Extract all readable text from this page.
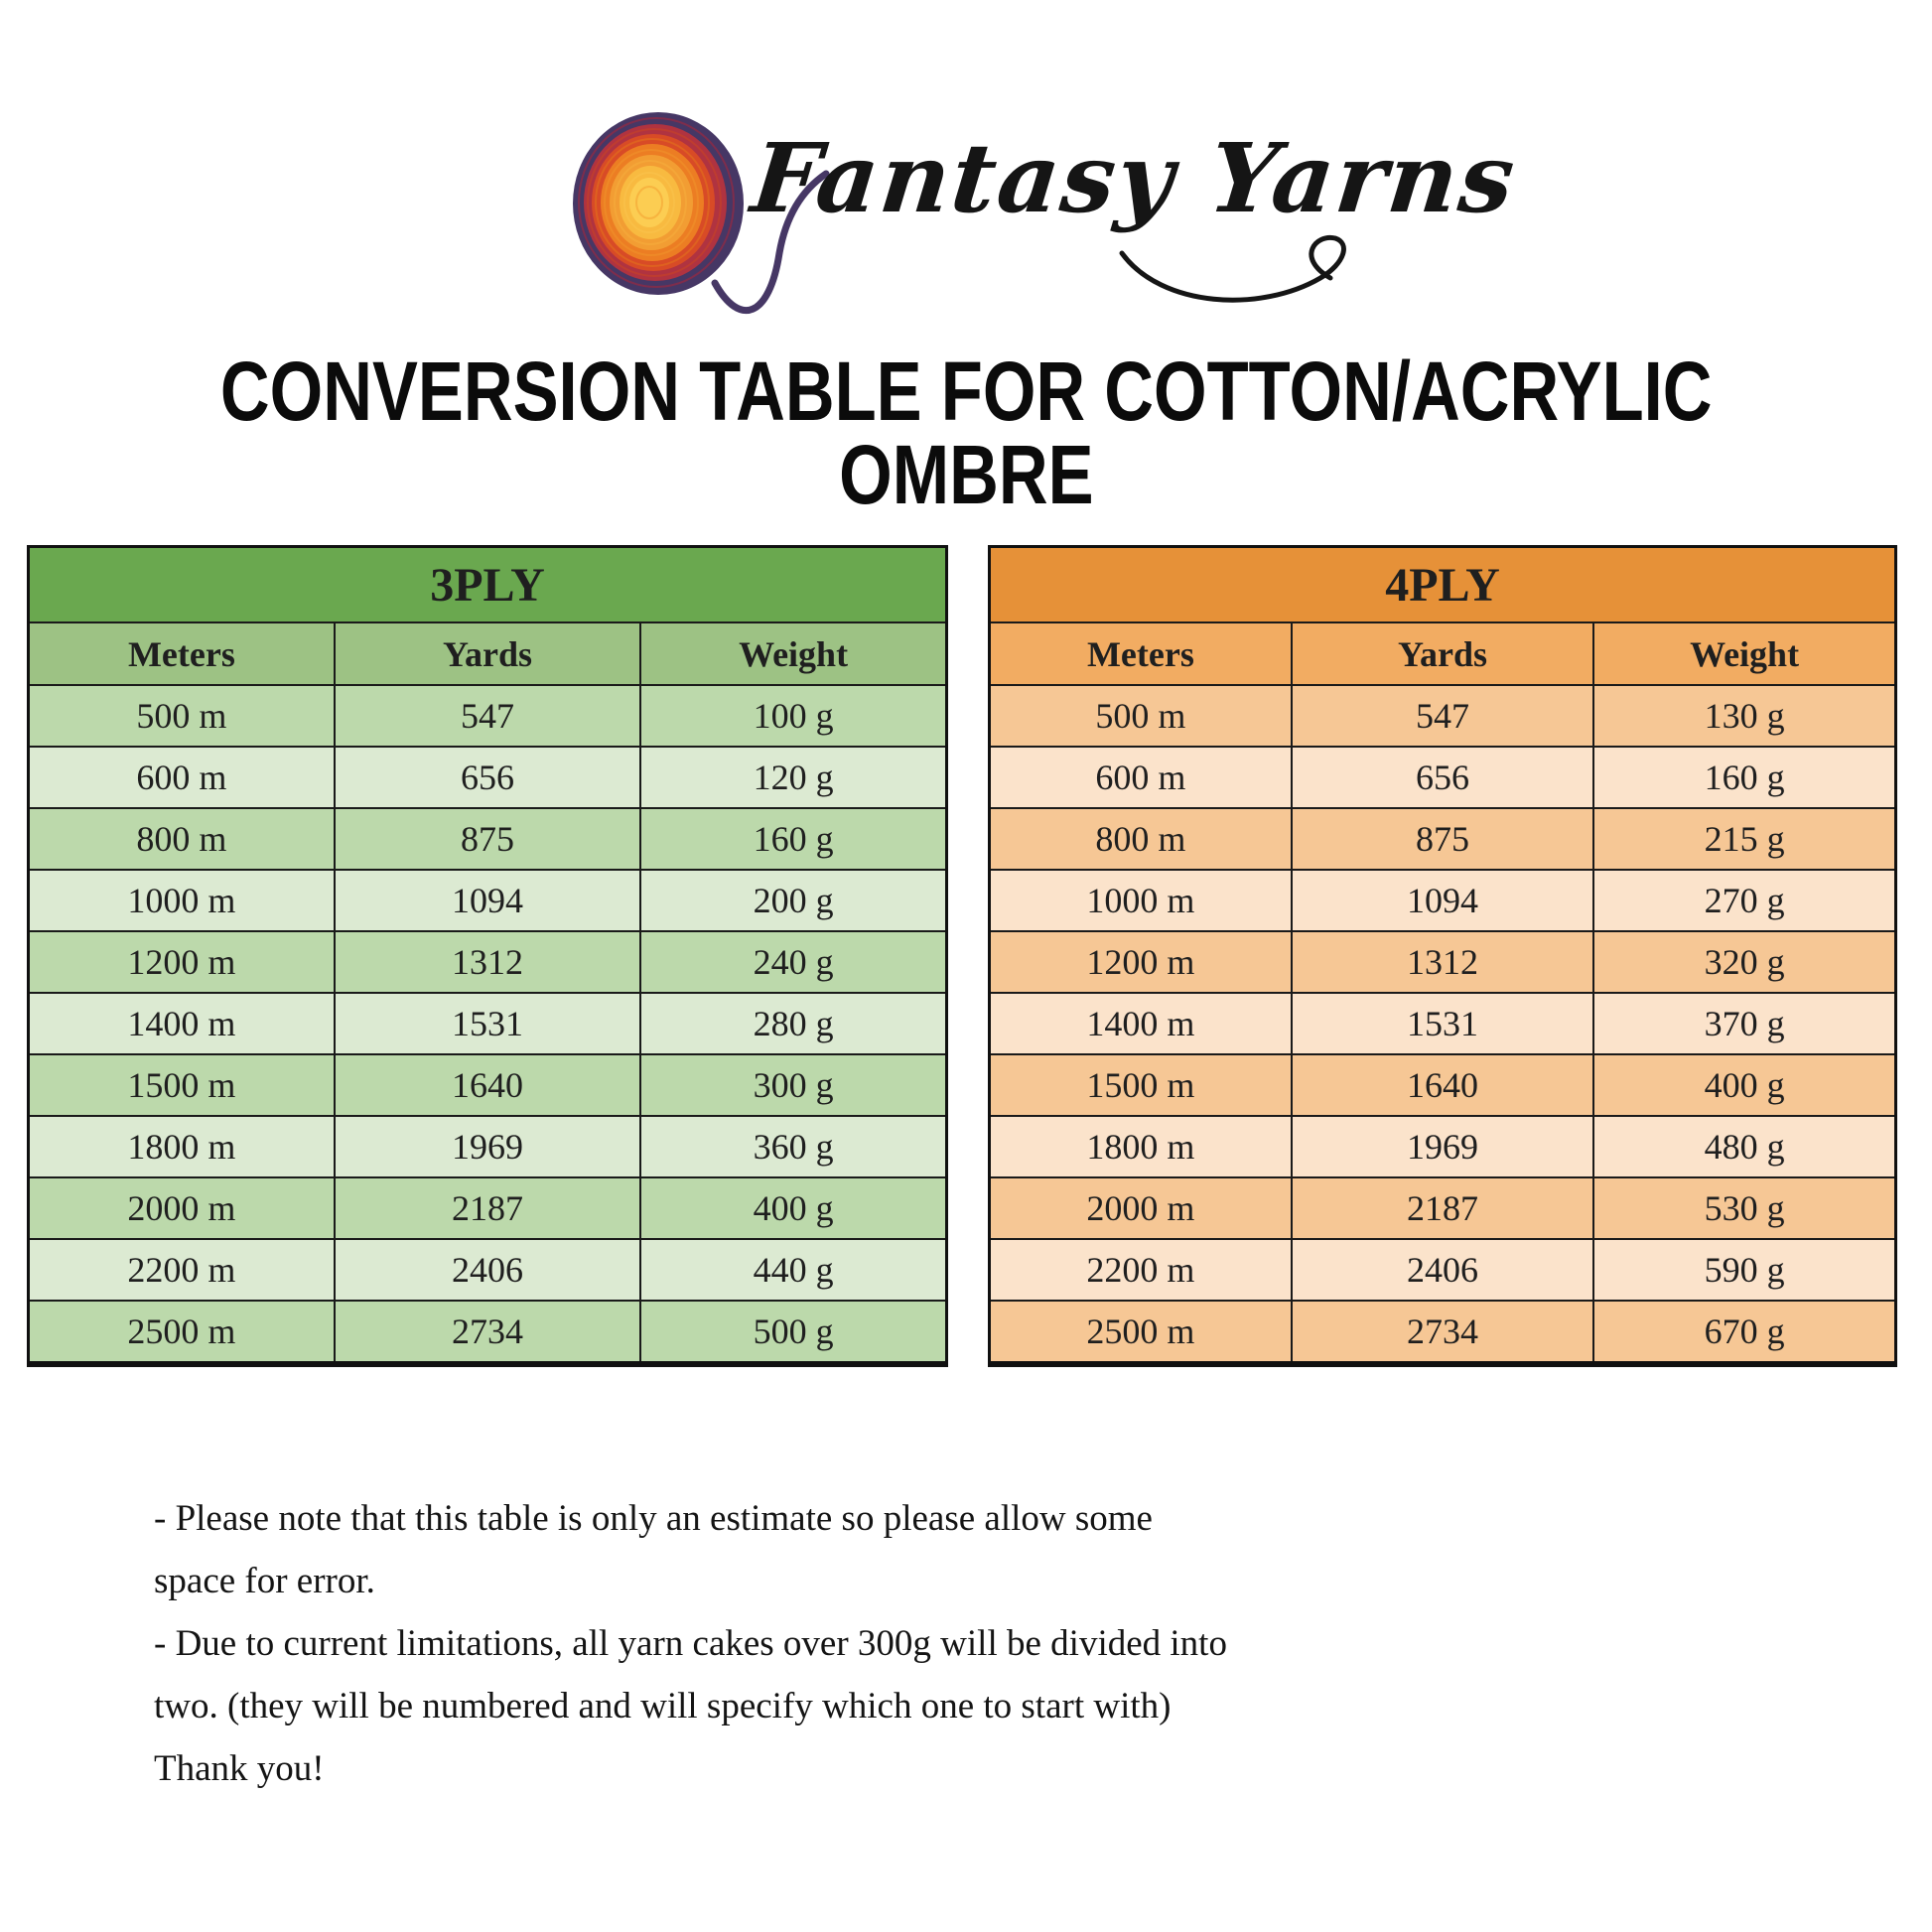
Fantasy Yarns
CONVERSION TABLE FOR COTTON/ACRYLIC
OMBRE
3PLY		
Meters	Yards	Weight
500 m	547	100 g
600 m	656	120 g
800 m	875	160 g
1000 m	1094	200 g
1200 m	1312	240 g
1400 m	1531	280 g
1500 m	1640	300 g
1800 m	1969	360 g
2000 m	2187	400 g
2200 m	2406	440 g
2500 m	2734	500 g
4PLY		
Meters	Yards	Weight
500 m	547	130 g
600 m	656	160 g
800 m	875	215 g
1000 m	1094	270 g
1200 m	1312	320 g
1400 m	1531	370 g
1500 m	1640	400 g
1800 m	1969	480 g
2000 m	2187	530 g
2200 m	2406	590 g
2500 m	2734	670 g
- Please note that this table is only an estimate so please allow some
space for error.
- Due to current limitations, all yarn cakes over 300g will be divided into
two. (they will be numbered and will specify which one to start with)
Thank you!
